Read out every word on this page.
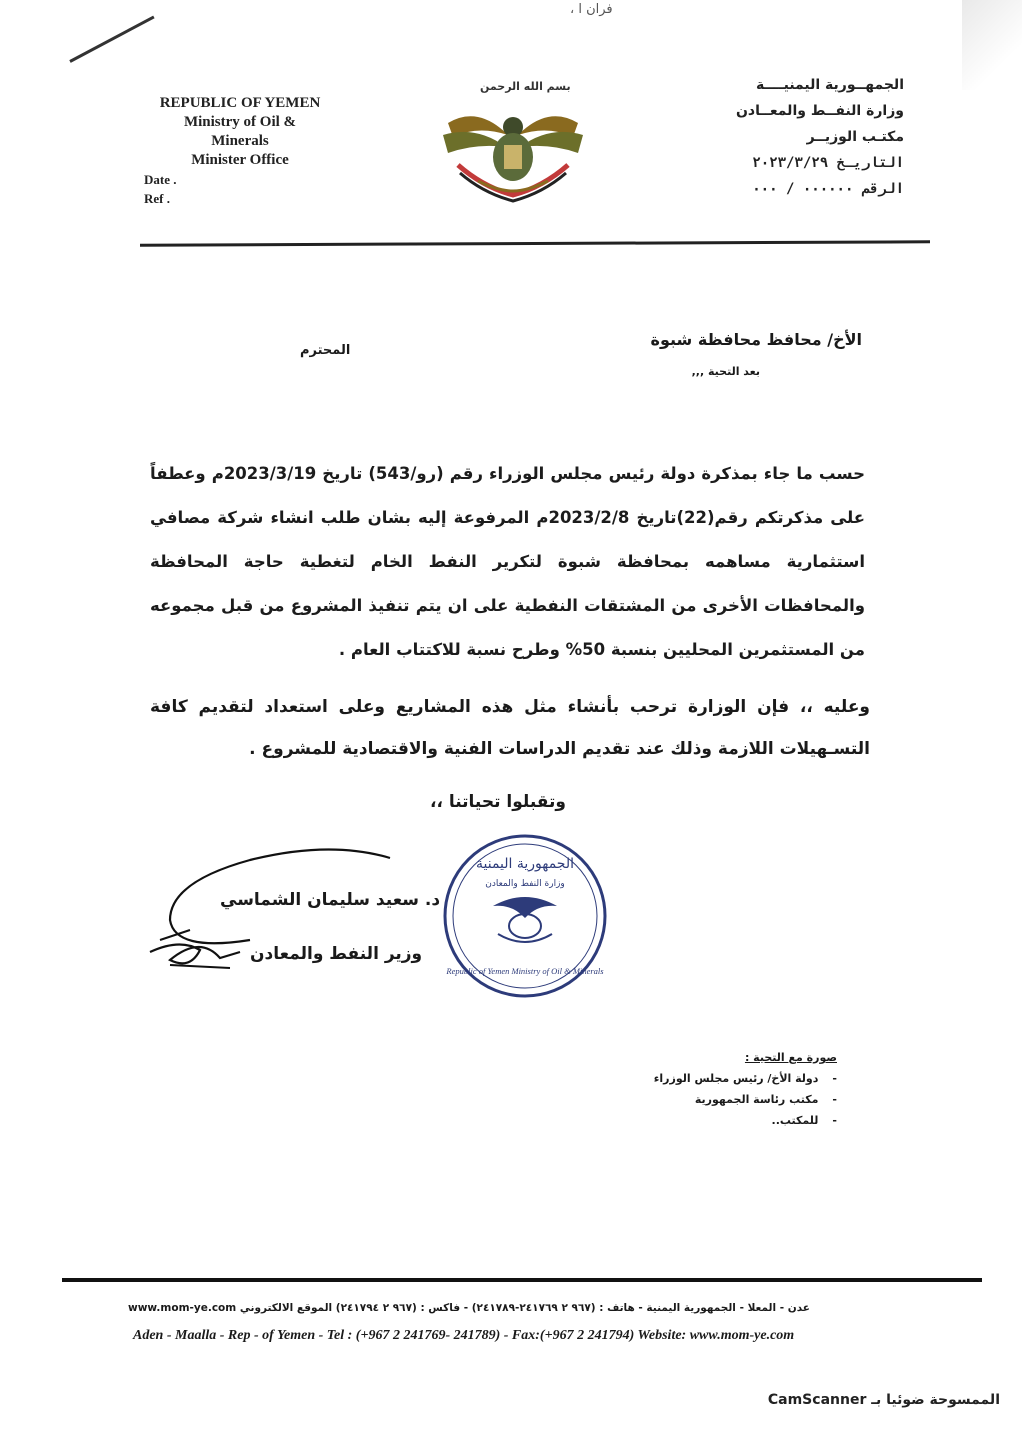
، فران ا
REPUBLIC OF YEMEN
Ministry of Oil &
Minerals
Minister Office
Date .
Ref .
الجمهــورية اليمنيــــة
وزارة النفــط والمعــادن
مكتـب الوزيــر
التاريـخ ٢٠٢٣/٣/٢٩
الرقم ٠٠٠٠٠٠ / ٠٠٠
بسم الله الرحمن
الأخ/ محافظ محافظة شبوة
بعد التحية ,,,
المحترم

حسب ما جاء بمذكرة دولة رئيس مجلس الوزراء رقم (رو/543) تاريخ 2023/3/19م وعطفاً على مذكرتكم رقم(22)تاريخ 2023/2/8م المرفوعة إليه بشان طلب انشاء شركة مصافي استثمارية مساهمه بمحافظة شبوة لتكرير النفط الخام لتغطية حاجة المحافظة والمحافظات الأخرى من المشتقات النفطية على ان يتم تنفيذ المشروع من قبل مجموعه من المستثمرين المحليين بنسبة 50% وطرح نسبة للاكتتاب العام .

وعليه ،، فإن الوزارة ترحب بأنشاء مثل هذه المشاريع وعلى استعداد لتقديم كافة التسـهيلات اللازمة وذلك عند تقديم الدراسات الفنية والاقتصادية للمشروع .

وتقبلوا تحياتنا ،،
د. سعيد سليمان الشماسي
وزير النفط والمعادن
الجمهورية اليمنية
وزارة النفط والمعادن
Republic of Yemen Ministry of Oil & Minerals
صورة مع التحية :
- دولة الأخ/ رئيس مجلس الوزراء
- مكتب رئاسة الجمهورية
- للمكتب..
عدن - المعلا - الجمهورية اليمنية - هاتف : (٩٦٧ ٢ ٢٤١٧٦٩-٢٤١٧٨٩) - فاكس : (٩٦٧ ٢ ٢٤١٧٩٤) الموقع الالكتروني www.mom-ye.com
Aden - Maalla - Rep - of Yemen - Tel : (+967 2 241769- 241789) - Fax:(+967 2 241794) Website: www.mom-ye.com
الممسوحة ضوئيا بـ CamScanner
